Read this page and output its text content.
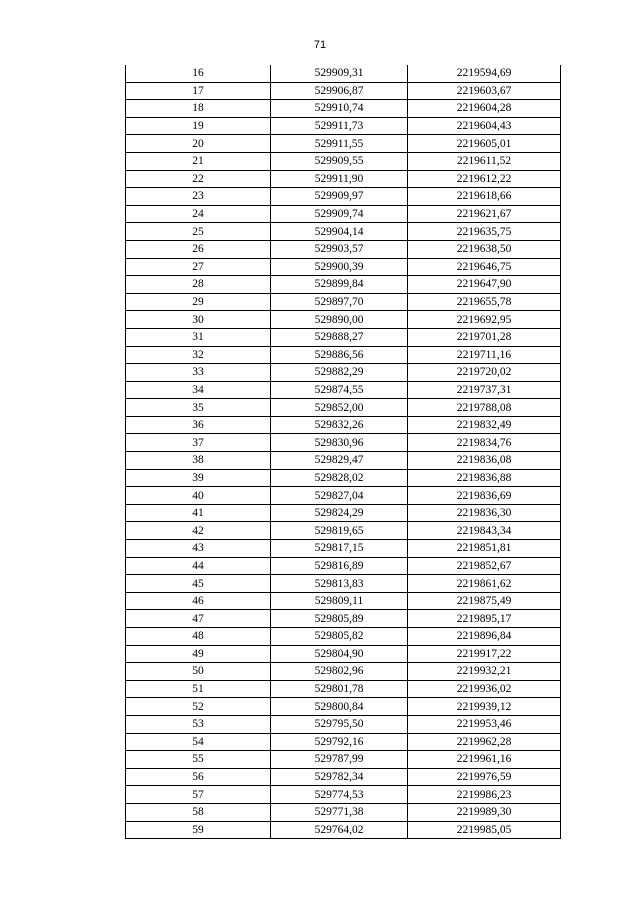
71
16	529909,31	2219594,69
17	529906,87	2219603,67
18	529910,74	2219604,28
19	529911,73	2219604,43
20	529911,55	2219605,01
21	529909,55	2219611,52
22	529911,90	2219612,22
23	529909,97	2219618,66
24	529909,74	2219621,67
25	529904,14	2219635,75
26	529903,57	2219638,50
27	529900,39	2219646,75
28	529899,84	2219647,90
29	529897,70	2219655,78
30	529890,00	2219692,95
31	529888,27	2219701,28
32	529886,56	2219711,16
33	529882,29	2219720,02
34	529874,55	2219737,31
35	529852,00	2219788,08
36	529832,26	2219832,49
37	529830,96	2219834,76
38	529829,47	2219836,08
39	529828,02	2219836,88
40	529827,04	2219836,69
41	529824,29	2219836,30
42	529819,65	2219843,34
43	529817,15	2219851,81
44	529816,89	2219852,67
45	529813,83	2219861,62
46	529809,11	2219875,49
47	529805,89	2219895,17
48	529805,82	2219896,84
49	529804,90	2219917,22
50	529802,96	2219932,21
51	529801,78	2219936,02
52	529800,84	2219939,12
53	529795,50	2219953,46
54	529792,16	2219962,28
55	529787,99	2219961,16
56	529782,34	2219976,59
57	529774,53	2219986,23
58	529771,38	2219989,30
59	529764,02	2219985,05
